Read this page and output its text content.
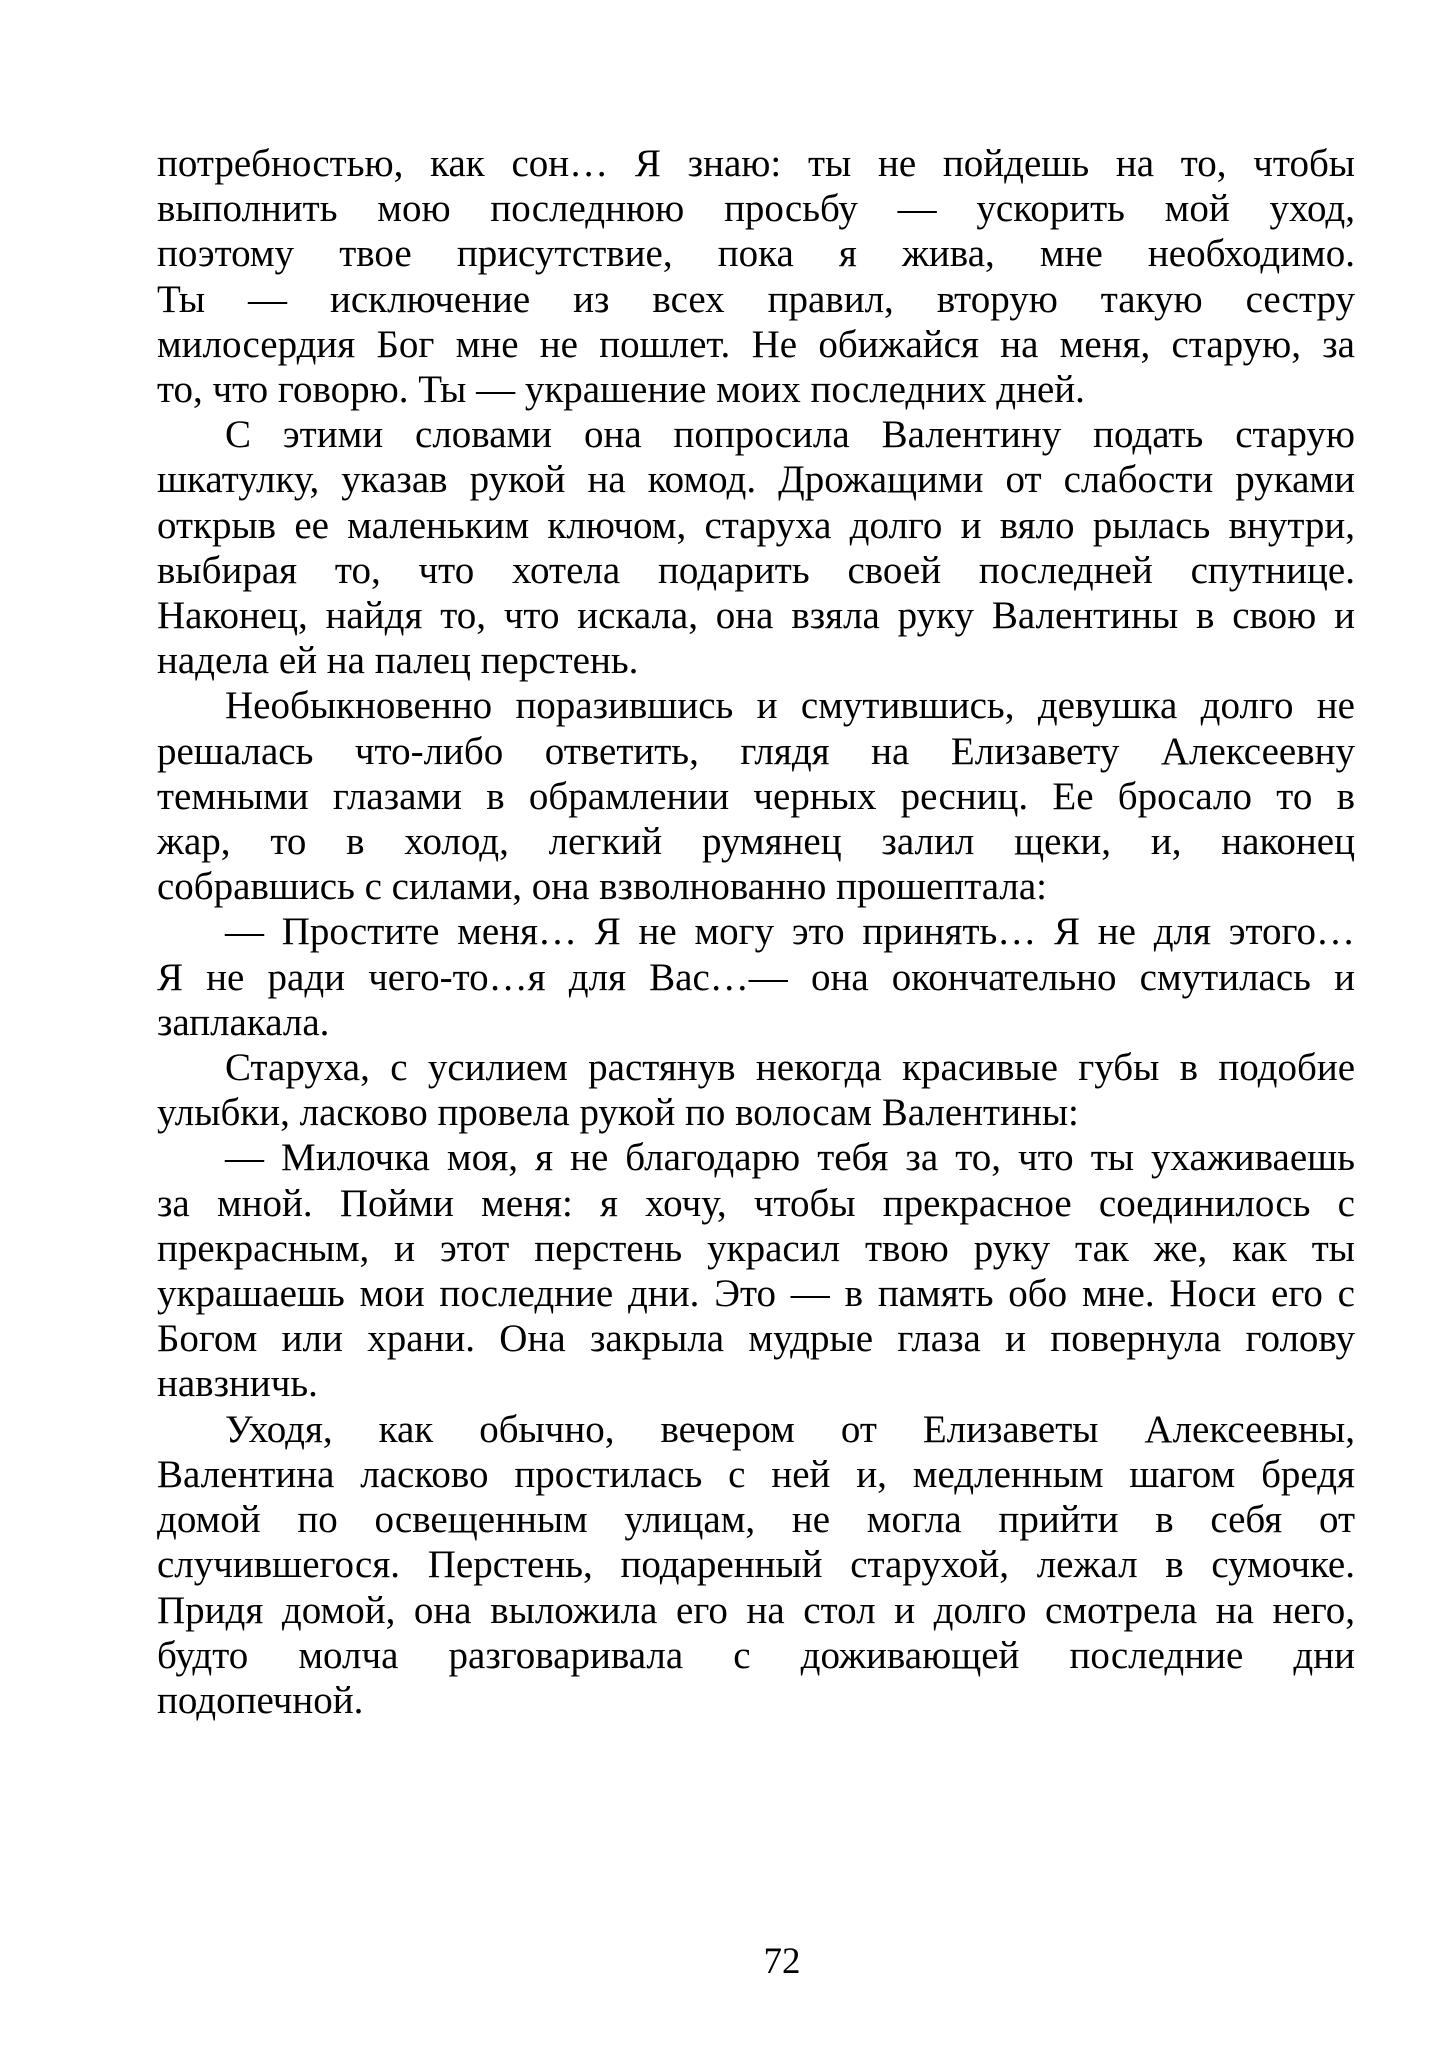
потребностью, как сон… Я знаю: ты не пойдешь на то, чтобы
выполнить мою последнюю просьбу — ускорить мой уход,
поэтому твое присутствие, пока я жива, мне необходимо.
Ты — исключение из всех правил, вторую такую сестру
милосердия Бог мне не пошлет. Не обижайся на меня, старую, за
то, что говорю. Ты — украшение моих последних дней.
С этими словами она попросила Валентину подать старую
шкатулку, указав рукой на комод. Дрожащими от слабости руками
открыв ее маленьким ключом, старуха долго и вяло рылась внутри,
выбирая то, что хотела подарить своей последней спутнице.
Наконец, найдя то, что искала, она взяла руку Валентины в свою и
надела ей на палец перстень.
Необыкновенно поразившись и смутившись, девушка долго не
решалась что-либо ответить, глядя на Елизавету Алексеевну
темными глазами в обрамлении черных ресниц. Ее бросало то в
жар, то в холод, легкий румянец залил щеки, и, наконец
собравшись с силами, она взволнованно прошептала:
— Простите меня… Я не могу это принять… Я не для этого…
Я не ради чего-то…я для Вас…— она окончательно смутилась и
заплакала.
Старуха, с усилием растянув некогда красивые губы в подобие
улыбки, ласково провела рукой по волосам Валентины:
— Милочка моя, я не благодарю тебя за то, что ты ухаживаешь
за мной. Пойми меня: я хочу, чтобы прекрасное соединилось с
прекрасным, и этот перстень украсил твою руку так же, как ты
украшаешь мои последние дни. Это — в память обо мне. Носи его с
Богом или храни. Она закрыла мудрые глаза и повернула голову
навзничь.
Уходя, как обычно, вечером от Елизаветы Алексеевны,
Валентина ласково простилась с ней и, медленным шагом бредя
домой по освещенным улицам, не могла прийти в себя от
случившегося. Перстень, подаренный старухой, лежал в сумочке.
Придя домой, она выложила его на стол и долго смотрела на него,
будто молча разговаривала с доживающей последние дни
подопечной.
72
